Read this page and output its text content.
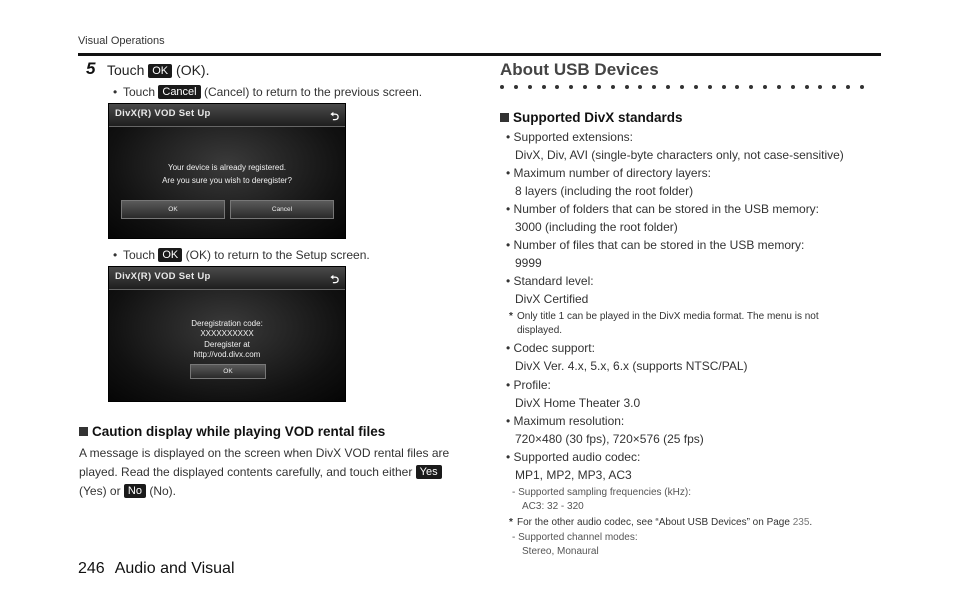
Visual Operations
5 Touch OK (OK).
• Touch Cancel (Cancel) to return to the previous screen.
DivX(R) VOD Set Up	⮌
Your device is already registered.
Are you sure you wish to deregister?
OK	Cancel
• Touch OK (OK) to return to the Setup screen.
DivX(R) VOD Set Up	⮌
Deregistration code:
XXXXXXXXXX
Deregister at
http://vod.divx.com
OK
Caution display while playing VOD rental files
A message is displayed on the screen when DivX VOD rental files are
played. Read the displayed contents carefully, and touch either Yes
(Yes) or No (No).
About USB Devices
Supported DivX standards
• Supported extensions:
DivX, Div, AVI (single-byte characters only, not case-sensitive)
• Maximum number of directory layers:
8 layers (including the root folder)
• Number of folders that can be stored in the USB memory:
3000 (including the root folder)
• Number of files that can be stored in the USB memory:
9999
• Standard level:
DivX Certified
* Only title 1 can be played in the DivX media format. The menu is not
displayed.
• Codec support:
DivX Ver. 4.x, 5.x, 6.x (supports NTSC/PAL)
• Profile:
DivX Home Theater 3.0
• Maximum resolution:
720×480 (30 fps), 720×576 (25 fps)
• Supported audio codec:
MP1, MP2, MP3, AC3
- Supported sampling frequencies (kHz):
AC3: 32 - 320
* For the other audio codec, see “About USB Devices” on Page 235.
- Supported channel modes:
Stereo, Monaural
246 Audio and Visual
